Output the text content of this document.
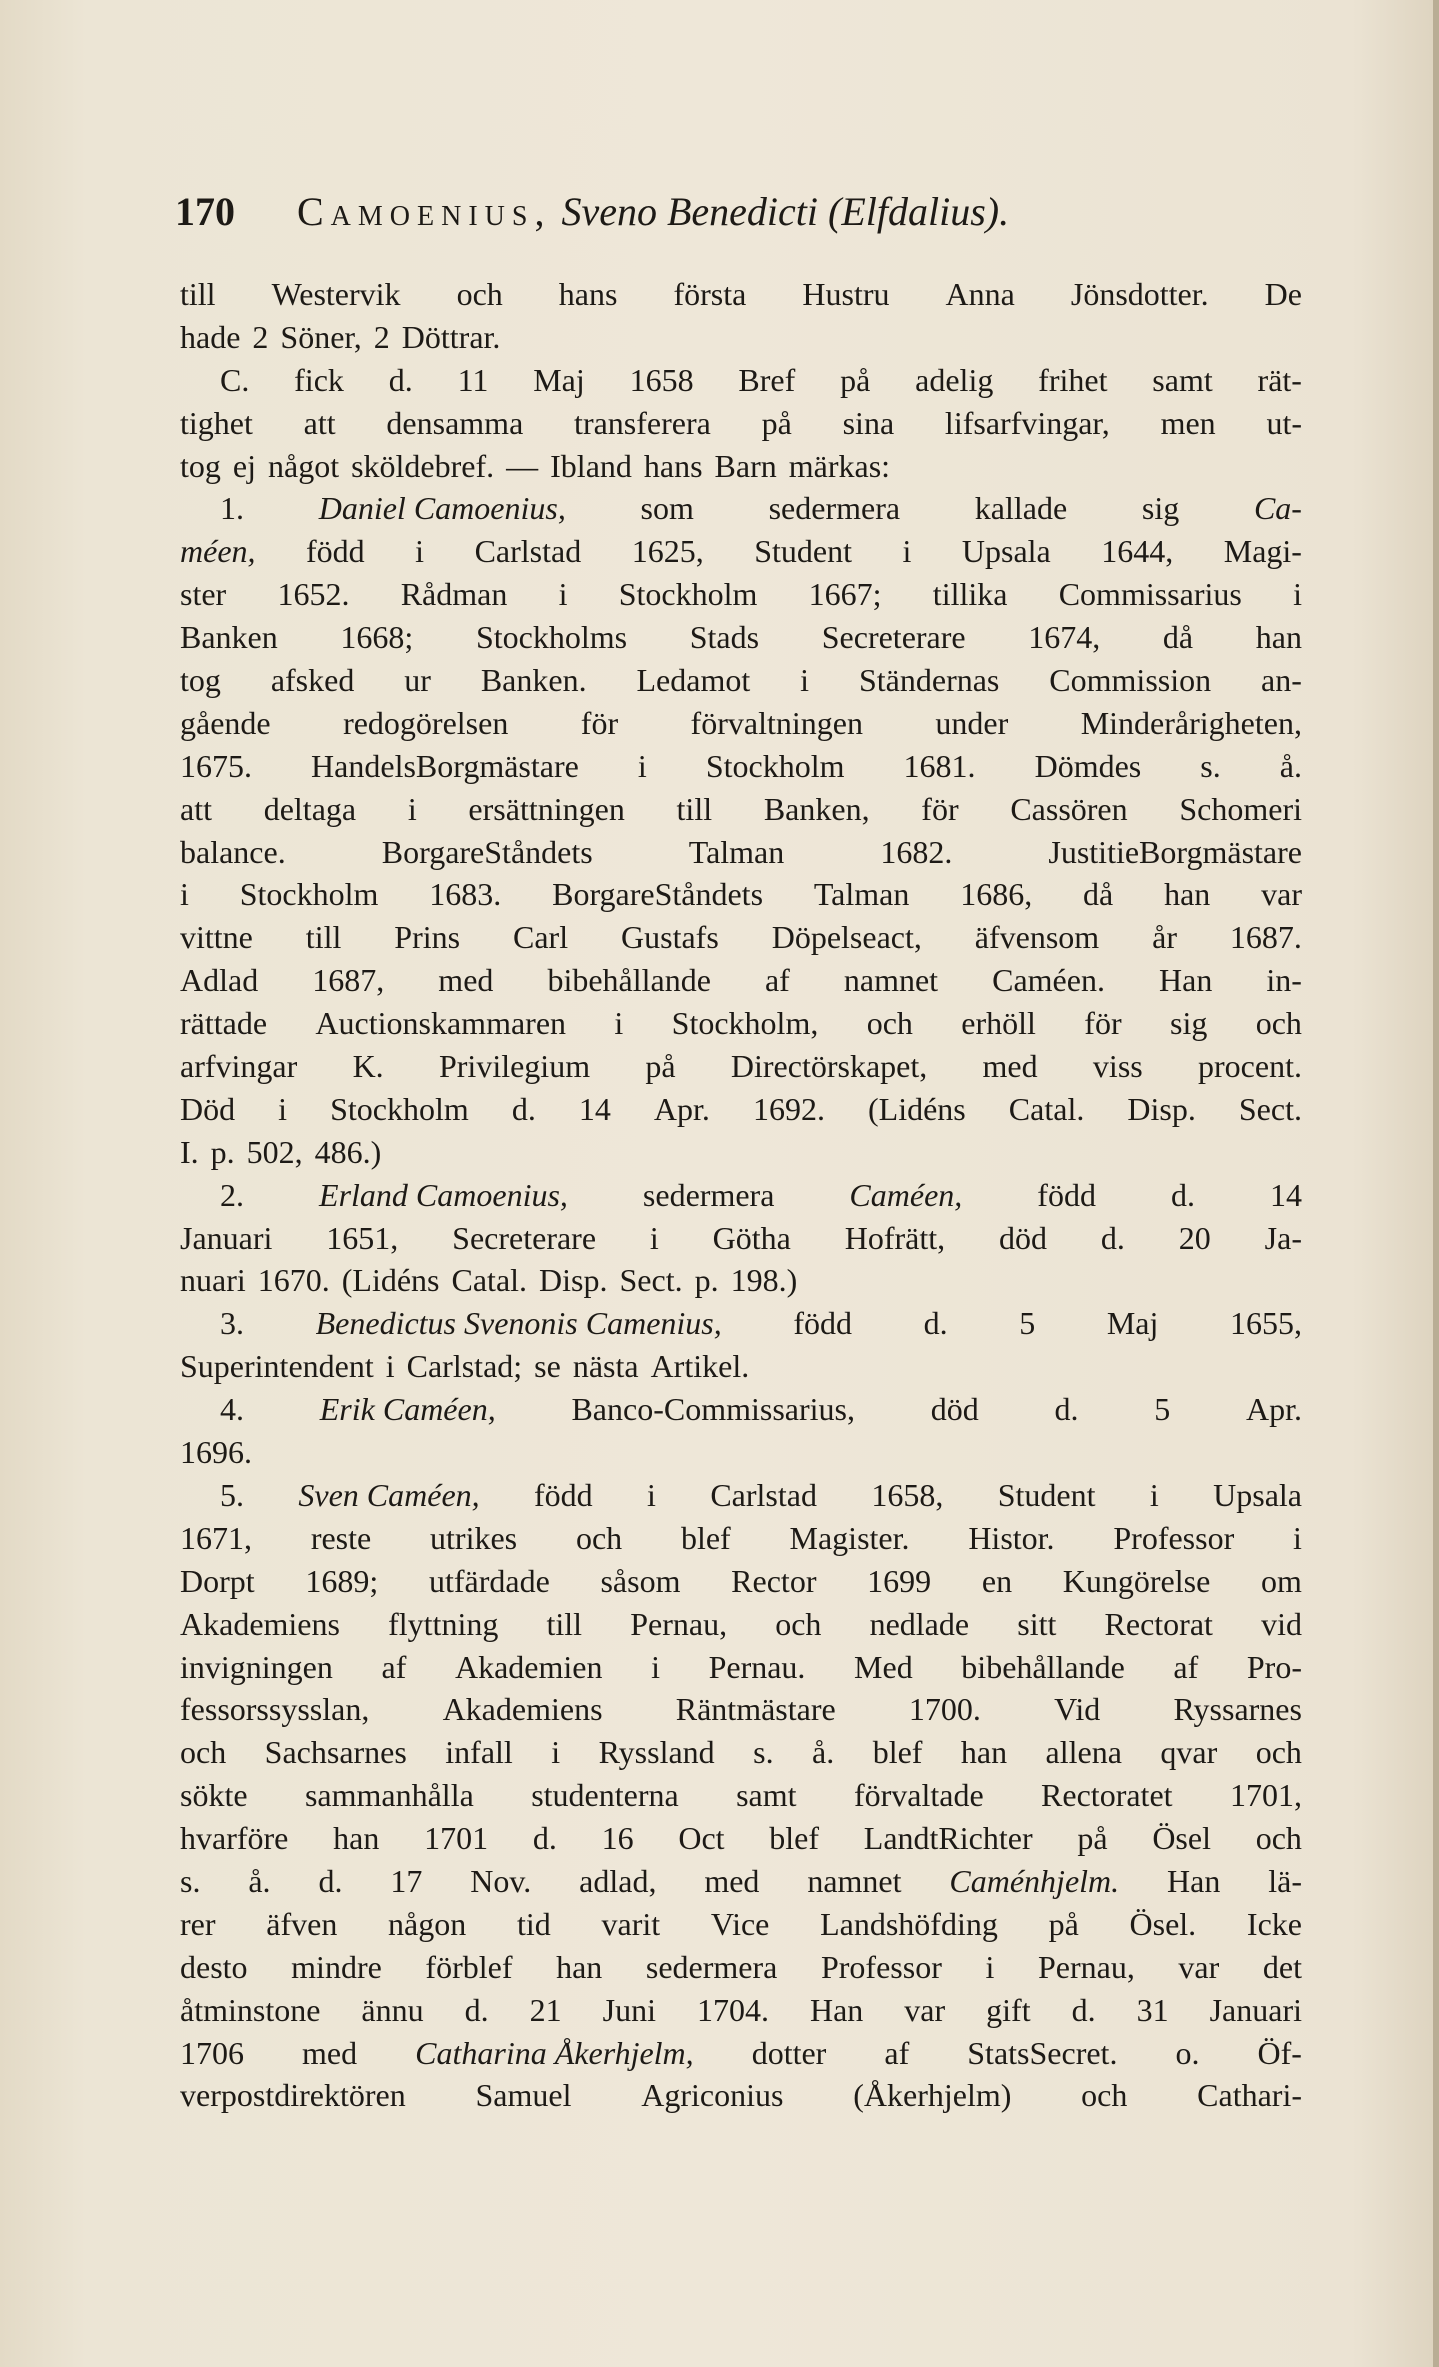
170 Camoenius, Sveno Benedicti (Elfdalius).
till Westervik och hans första Hustru Anna Jönsdotter. De
hade 2 Söner, 2 Döttrar.
C. fick d. 11 Maj 1658 Bref på adelig frihet samt rät-
tighet att densamma transferera på sina lifsarfvingar, men ut-
tog ej något sköldebref. — Ibland hans Barn märkas:
1. Daniel Camoenius, som sedermera kallade sig Ca-
méen, född i Carlstad 1625, Student i Upsala 1644, Magi-
ster 1652. Rådman i Stockholm 1667; tillika Commissarius i
Banken 1668; Stockholms Stads Secreterare 1674, då han
tog afsked ur Banken. Ledamot i Ständernas Commission an-
gående redogörelsen för förvaltningen under Minderårigheten,
1675. HandelsBorgmästare i Stockholm 1681. Dömdes s. å.
att deltaga i ersättningen till Banken, för Cassören Schomeri
balance.	BorgareStåndets	Talman	1682.	JustitieBorgmästare
i Stockholm 1683. BorgareStåndets Talman 1686, då han var
vittne till Prins Carl Gustafs Döpelseact, äfvensom år 1687.
Adlad 1687, med bibehållande af namnet Caméen. Han in-
rättade Auctionskammaren i Stockholm, och erhöll för sig och
arfvingar K. Privilegium på Directörskapet, med viss procent.
Död i Stockholm d. 14 Apr. 1692. (Lidéns Catal. Disp. Sect.
I. p. 502, 486.)
2. Erland Camoenius, sedermera Caméen, född d. 14
Januari 1651, Secreterare i Götha Hofrätt, död d. 20 Ja-
nuari 1670. (Lidéns Catal. Disp. Sect. p. 198.)
3. Benedictus Svenonis Camenius, född d. 5 Maj 1655,
Superintendent i Carlstad; se nästa Artikel.
4. Erik Caméen, Banco-Commissarius, död d. 5 Apr.
1696.
5. Sven Caméen, född i Carlstad 1658, Student i Upsala
1671, reste utrikes och blef Magister. Histor. Professor i
Dorpt 1689; utfärdade såsom Rector 1699 en Kungörelse om
Akademiens flyttning till Pernau, och nedlade sitt Rectorat vid
invigningen af Akademien i Pernau. Med bibehållande af Pro-
fessorssysslan, Akademiens Räntmästare 1700. Vid Ryssarnes
och Sachsarnes infall i Ryssland s. å. blef han allena qvar och
sökte sammanhålla studenterna samt förvaltade Rectoratet 1701,
hvarföre han 1701 d. 16 Oct blef LandtRichter på Ösel och
s. å. d. 17 Nov. adlad, med namnet Caménhjelm. Han lä-
rer äfven någon tid varit Vice Landshöfding på Ösel. Icke
desto mindre förblef han sedermera Professor i Pernau, var det
åtminstone ännu d. 21 Juni 1704. Han var gift d. 31 Januari
1706 med Catharina Åkerhjelm, dotter af StatsSecret. o. Öf-
verpostdirektören Samuel Agriconius (Åkerhjelm) och Cathari-
